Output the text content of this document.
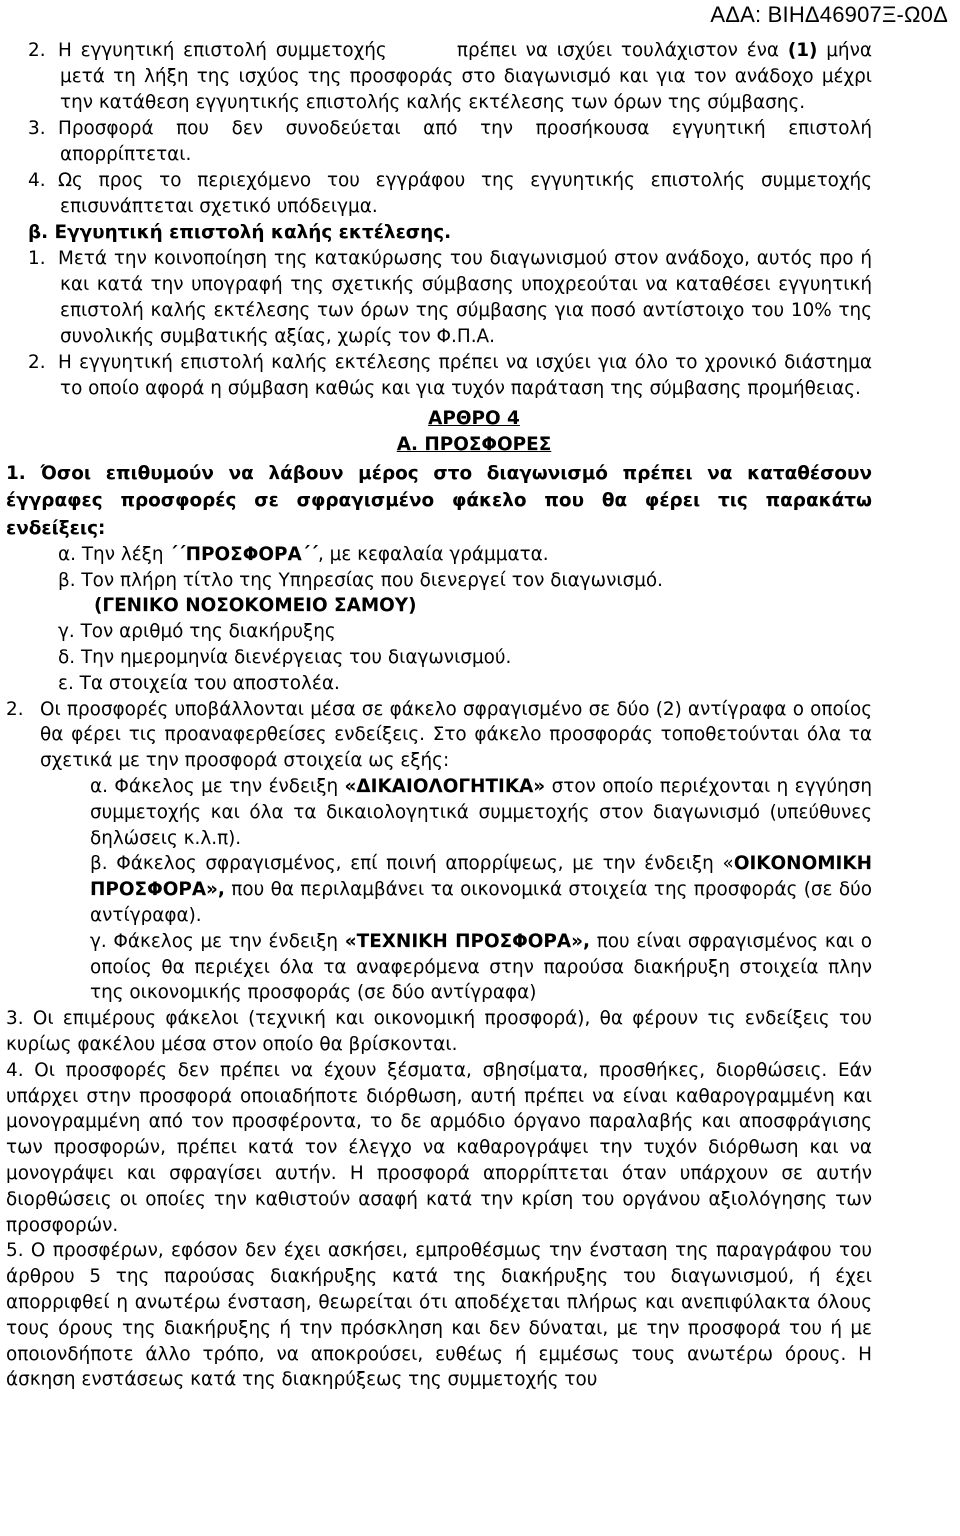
ΑΔΑ: ΒΙΗΔ46907Ξ-Ω0Δ

2. Η εγγυητική επιστολή συμμετοχής	πρέπει να ισχύει τουλάχιστον ένα (1) μήνα μετά τη λήξη της ισχύος της προσφοράς στο διαγωνισμό και για τον ανάδοχο μέχρι την κατάθεση εγγυητικής επιστολής καλής εκτέλεσης των όρων της σύμβασης.

3. Προσφορά που δεν συνοδεύεται από την προσήκουσα εγγυητική επιστολή απορρίπτεται.

4. Ως προς το περιεχόμενο του εγγράφου της εγγυητικής επιστολής συμμετοχής επισυνάπτεται σχετικό υπόδειγμα.

β. Εγγυητική επιστολή καλής εκτέλεσης.

1. Μετά την κοινοποίηση της κατακύρωσης του διαγωνισμού στον ανάδοχο, αυτός προ ή και κατά την υπογραφή της σχετικής σύμβασης υποχρεούται να καταθέσει εγγυητική επιστολή καλής εκτέλεσης των όρων της σύμβασης για ποσό αντίστοιχο του 10% της συνολικής συμβατικής αξίας, χωρίς τον Φ.Π.Α.

2. Η εγγυητική επιστολή καλής εκτέλεσης πρέπει να ισχύει για όλο το χρονικό διάστημα το οποίο αφορά η σύμβαση καθώς και για τυχόν παράταση της σύμβασης προμήθειας.

ΑΡΘΡΟ 4

Α. ΠΡΟΣΦΟΡΕΣ

1. Όσοι επιθυμούν να λάβουν μέρος στο διαγωνισμό πρέπει να καταθέσουν έγγραφες προσφορές σε σφραγισμένο φάκελο που θα φέρει τις παρακάτω ενδείξεις:

α. Την λέξη ΄΄ΠΡΟΣΦΟΡΑ΄΄, με κεφαλαία γράμματα.

β. Τον πλήρη τίτλο της Υπηρεσίας που διενεργεί τον διαγωνισμό.

(ΓΕΝΙΚΟ ΝΟΣΟΚΟΜΕΙΟ ΣΑΜΟΥ)

γ. Τον αριθμό της διακήρυξης

δ. Την ημερομηνία διενέργειας του διαγωνισμού.

ε. Τα στοιχεία του αποστολέα.

2. Οι προσφορές υποβάλλονται μέσα σε φάκελο σφραγισμένο σε δύο (2) αντίγραφα ο οποίος θα φέρει τις προαναφερθείσες ενδείξεις. Στο φάκελο προσφοράς τοποθετούνται όλα τα σχετικά με την προσφορά στοιχεία ως εξής:

α. Φάκελος με την ένδειξη «ΔΙΚΑΙΟΛΟΓΗΤΙΚΑ» στον οποίο περιέχονται η εγγύηση συμμετοχής και όλα τα δικαιολογητικά συμμετοχής στον διαγωνισμό (υπεύθυνες δηλώσεις κ.λ.π).

β. Φάκελος σφραγισμένος, επί ποινή απορρίψεως, με την ένδειξη «ΟΙΚΟΝΟΜΙΚΗ ΠΡΟΣΦΟΡΑ», που θα περιλαμβάνει τα οικονομικά στοιχεία της προσφοράς (σε δύο αντίγραφα).

γ. Φάκελος με την ένδειξη «ΤΕΧΝΙΚΗ ΠΡΟΣΦΟΡΑ», που είναι σφραγισμένος και ο οποίος θα περιέχει όλα τα αναφερόμενα στην παρούσα διακήρυξη στοιχεία πλην της οικονομικής προσφοράς (σε δύο αντίγραφα)

3. Οι επιμέρους φάκελοι (τεχνική και οικονομική προσφορά), θα φέρουν τις ενδείξεις του κυρίως φακέλου μέσα στον οποίο θα βρίσκονται.

4. Οι προσφορές δεν πρέπει να έχουν ξέσματα, σβησίματα, προσθήκες, διορθώσεις. Εάν υπάρχει στην προσφορά οποιαδήποτε διόρθωση, αυτή πρέπει να είναι καθαρογραμμένη και μονογραμμένη από τον προσφέροντα, το δε αρμόδιο όργανο παραλαβής και αποσφράγισης των προσφορών, πρέπει κατά τον έλεγχο να καθαρογράψει την τυχόν διόρθωση και να μονογράψει και σφραγίσει αυτήν. Η προσφορά απορρίπτεται όταν υπάρχουν σε αυτήν διορθώσεις οι οποίες την καθιστούν ασαφή κατά την κρίση του οργάνου αξιολόγησης των προσφορών.

5. Ο προσφέρων, εφόσον δεν έχει ασκήσει, εμπροθέσμως την ένσταση της παραγράφου του άρθρου 5 της παρούσας διακήρυξης κατά της διακήρυξης του διαγωνισμού, ή έχει απορριφθεί η ανωτέρω ένσταση, θεωρείται ότι αποδέχεται πλήρως και ανεπιφύλακτα όλους τους όρους της διακήρυξης ή την πρόσκληση και δεν δύναται, με την προσφορά του ή με οποιονδήποτε άλλο τρόπο, να αποκρούσει, ευθέως ή εμμέσως τους ανωτέρω όρους. Η άσκηση ενστάσεως κατά της διακηρύξεως της συμμετοχής του
